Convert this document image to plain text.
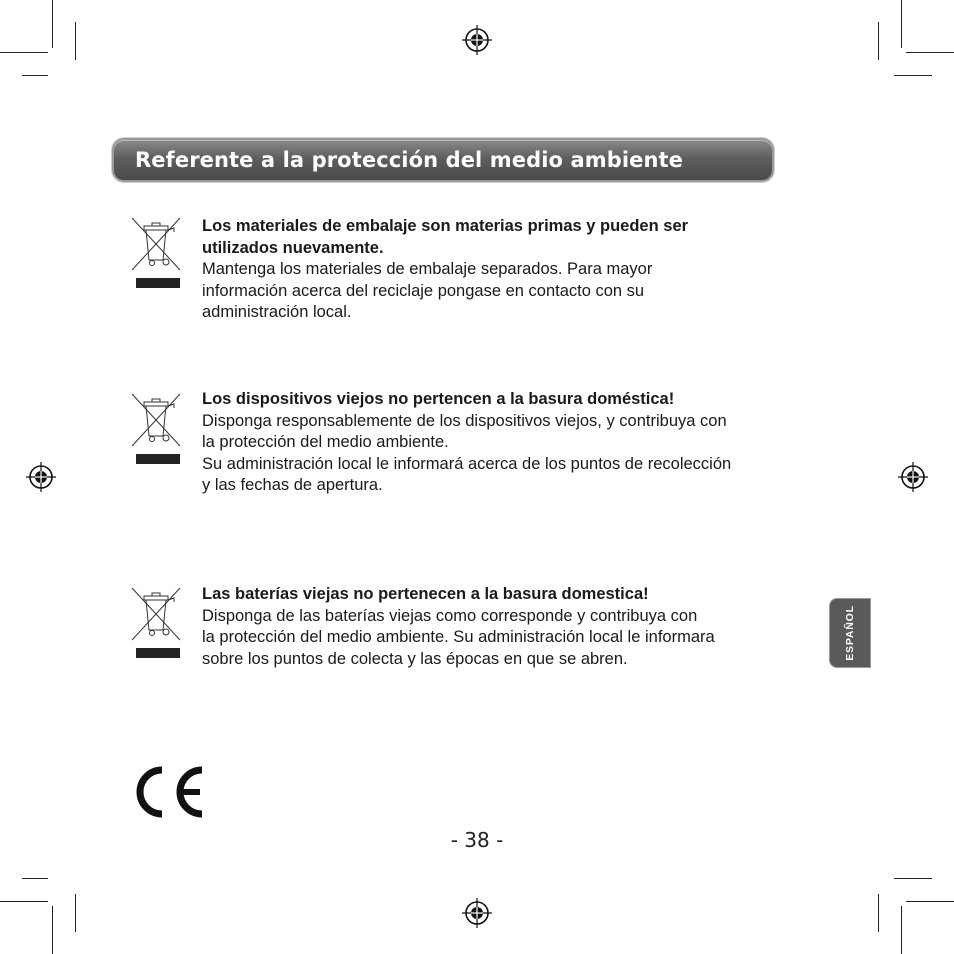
Referente a la protección del medio ambiente
Los materiales de embalaje son materias primas y pueden ser
utilizados nuevamente.
Mantenga los materiales de embalaje separados. Para mayor
información acerca del reciclaje pongase en contacto con su
administración local.
Los dispositivos viejos no pertencen a la basura doméstica!
Disponga responsablemente de los dispositivos viejos, y contribuya con
la protección del medio ambiente.
Su administración local le informará acerca de los puntos de recolección
y las fechas de apertura.
Las baterías viejas no pertenecen a la basura domestica!
Disponga de las baterías viejas como corresponde y contribuya con
la protección del medio ambiente. Su administración local le informara
sobre los puntos de colecta y las épocas en que se abren.	ESPAÑOL
- 38 -
